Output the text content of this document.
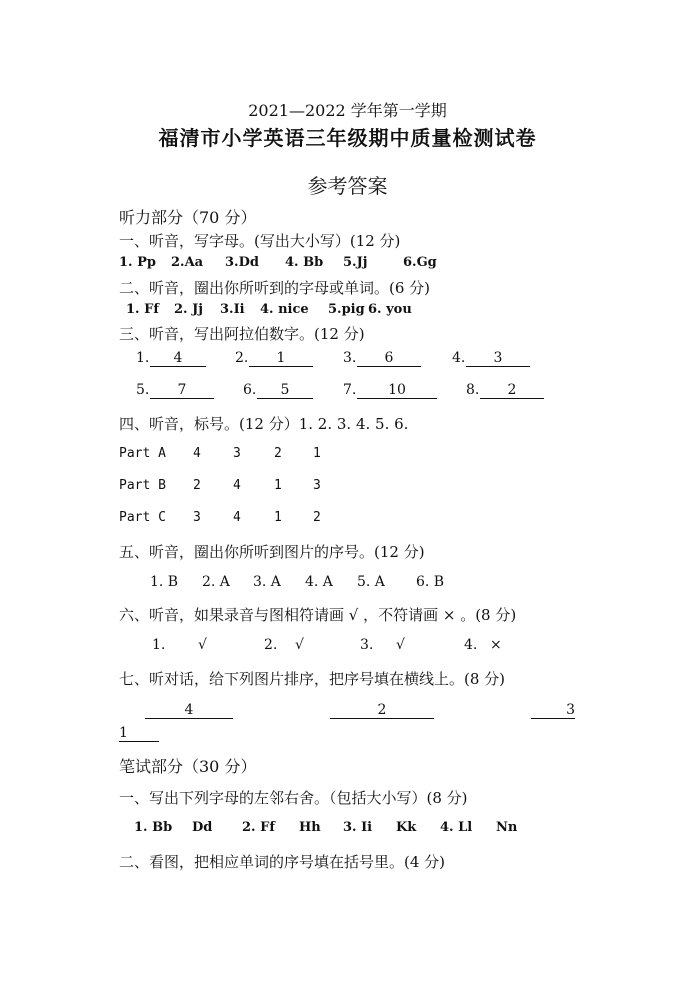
2021—2022 学年第一学期
福清市小学英语三年级期中质量检测试卷
参考答案
听力部分（70 分）
一、听音，写字母。(写出大小写）(12 分)
1. Pp 2.Aa 3.Dd 4. Bb 5.Jj	6.Gg
二、听音，圈出你所听到的字母或单词。(6 分)
1. Ff 2. Jj 3.Ii 4. nice 5.pig 6. you
三、听音，写出阿拉伯数字。(12 分)
1.	4	2.	1	3.	6	4.	3
5.	7	6.	5	7.	10	8.	2
四、听音，标号。(12 分）1. 2. 3. 4. 5. 6.
Part A 4 3	2 1
Part B 2 4	1 3
Part C 3 4	1 2
五、听音，圈出你所听到图片的序号。(12 分)
1. B 2. A 3. A 4. A 5. A 6. B
六、听音，如果录音与图相符请画 √ ，不符请画 × 。(8 分)
1. √	2. √	3. √	4. ×
七、听对话，给下列图片排序，把序号填在横线上。(8 分)
4	2	3
1
笔试部分（30 分）
一、写出下列字母的左邻右舍。（包括大小写）(8 分)
1. Bb Dd 2. Ff Hh 3. Ii Kk 4. Ll Nn
二、看图，把相应单词的序号填在括号里。(4 分)
